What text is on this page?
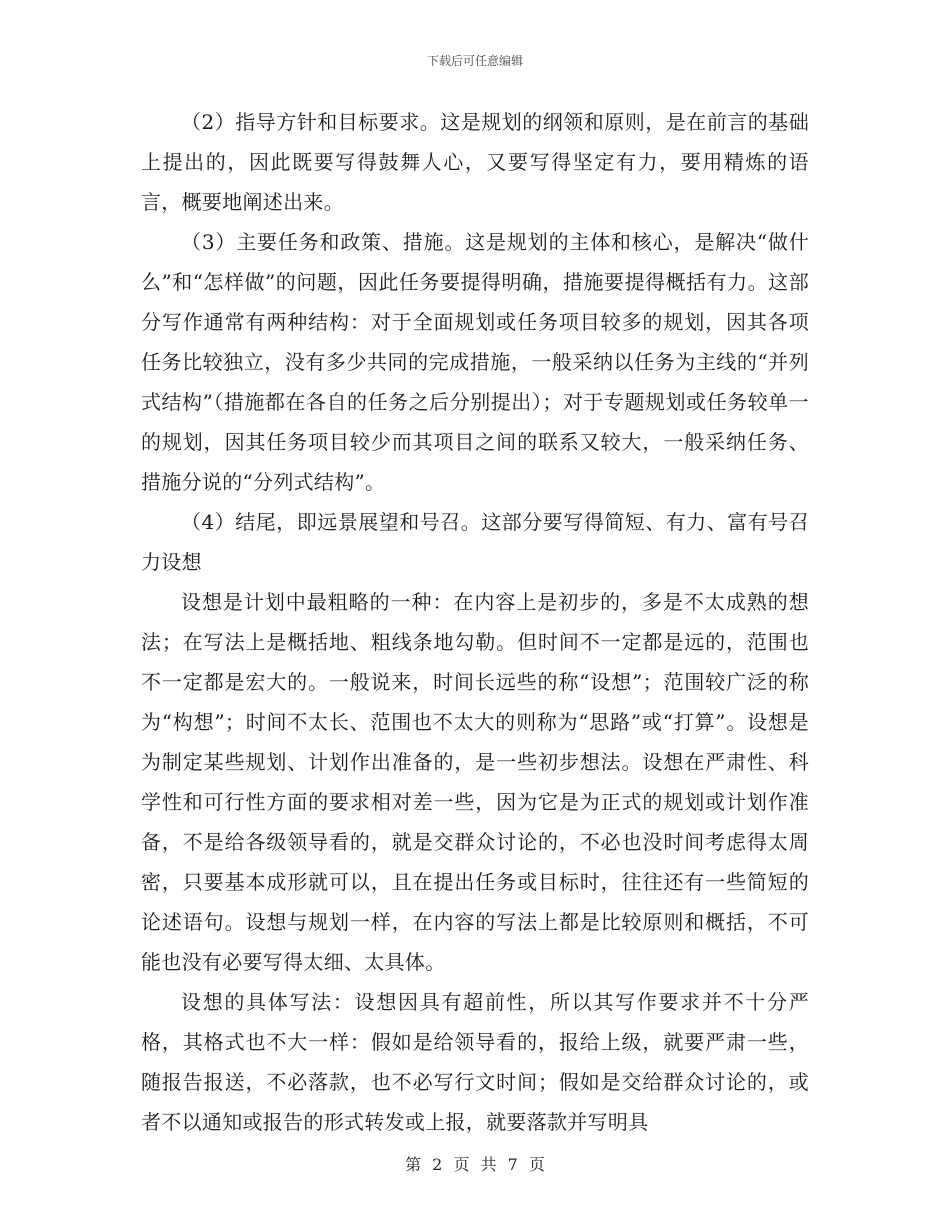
下载后可任意编辑

（2）指导方针和目标要求。这是规划的纲领和原则，是在前言的基础上提出的，因此既要写得鼓舞人心，又要写得坚定有力，要用精炼的语言，概要地阐述出来。

（3）主要任务和政策、措施。这是规划的主体和核心，是解决“做什么”和“怎样做”的问题，因此任务要提得明确，措施要提得概括有力。这部分写作通常有两种结构：对于全面规划或任务项目较多的规划，因其各项任务比较独立，没有多少共同的完成措施，一般采纳以任务为主线的“并列式结构”（措施都在各自的任务之后分别提出）；对于专题规划或任务较单一的规划，因其任务项目较少而其项目之间的联系又较大，一般采纳任务、措施分说的“分列式结构”。

（4）结尾，即远景展望和号召。这部分要写得简短、有力、富有号召力设想

设想是计划中最粗略的一种：在内容上是初步的，多是不太成熟的想法；在写法上是概括地、粗线条地勾勒。但时间不一定都是远的，范围也不一定都是宏大的。一般说来，时间长远些的称“设想”；范围较广泛的称为“构想”；时间不太长、范围也不太大的则称为“思路”或“打算”。设想是为制定某些规划、计划作出准备的，是一些初步想法。设想在严肃性、科学性和可行性方面的要求相对差一些，因为它是为正式的规划或计划作准备，不是给各级领导看的，就是交群众讨论的，不必也没时间考虑得太周密，只要基本成形就可以，且在提出任务或目标时，往往还有一些简短的论述语句。设想与规划一样，在内容的写法上都是比较原则和概括，不可能也没有必要写得太细、太具体。

设想的具体写法：设想因具有超前性，所以其写作要求并不十分严格，其格式也不大一样：假如是给领导看的，报给上级，就要严肃一些，随报告报送，不必落款，也不必写行文时间；假如是交给群众讨论的，或者不以通知或报告的形式转发或上报，就要落款并写明具

第 2 页 共 7 页
